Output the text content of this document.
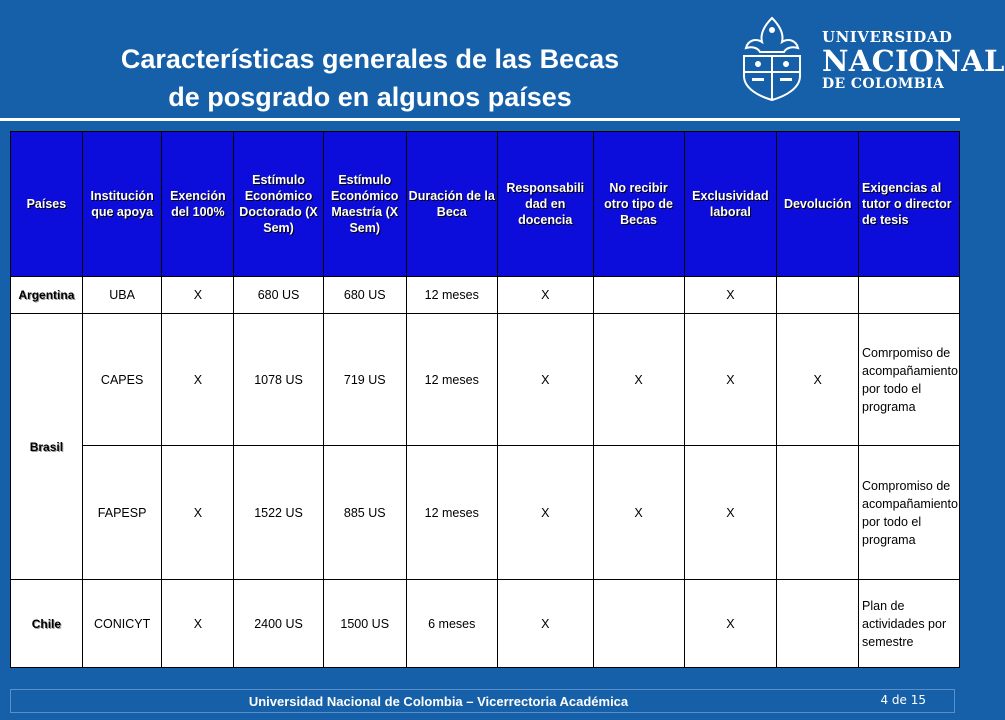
Características generales de las Becas
de posgrado en algunos países
UNIVERSIDAD
NACIONAL
DE COLOMBIA
Países	Institución que apoya	Exención del 100%	Estímulo Económico Doctorado (X Sem)	Estímulo Económico Maestría (X Sem)	Duración de la Beca	Responsabili dad en docencia	No recibir otro tipo de Becas	Exclusividad laboral	Devolución	Exigencias al tutor o director de tesis
Argentina	UBA	X	680 US	680 US	12 meses	X		X		
Brasil	CAPES	X	1078 US	719 US	12 meses	X	X	X	X	Comrpomiso de acompañamiento por todo el programa
	FAPESP	X	1522 US	885 US	12 meses	X	X	X		Compromiso de acompañamiento por todo el programa
Chile	CONICYT	X	2400 US	1500 US	6 meses	X		X		Plan de actividades por semestre
Universidad Nacional de Colombia – Vicerrectoria Académica	4 de 15
